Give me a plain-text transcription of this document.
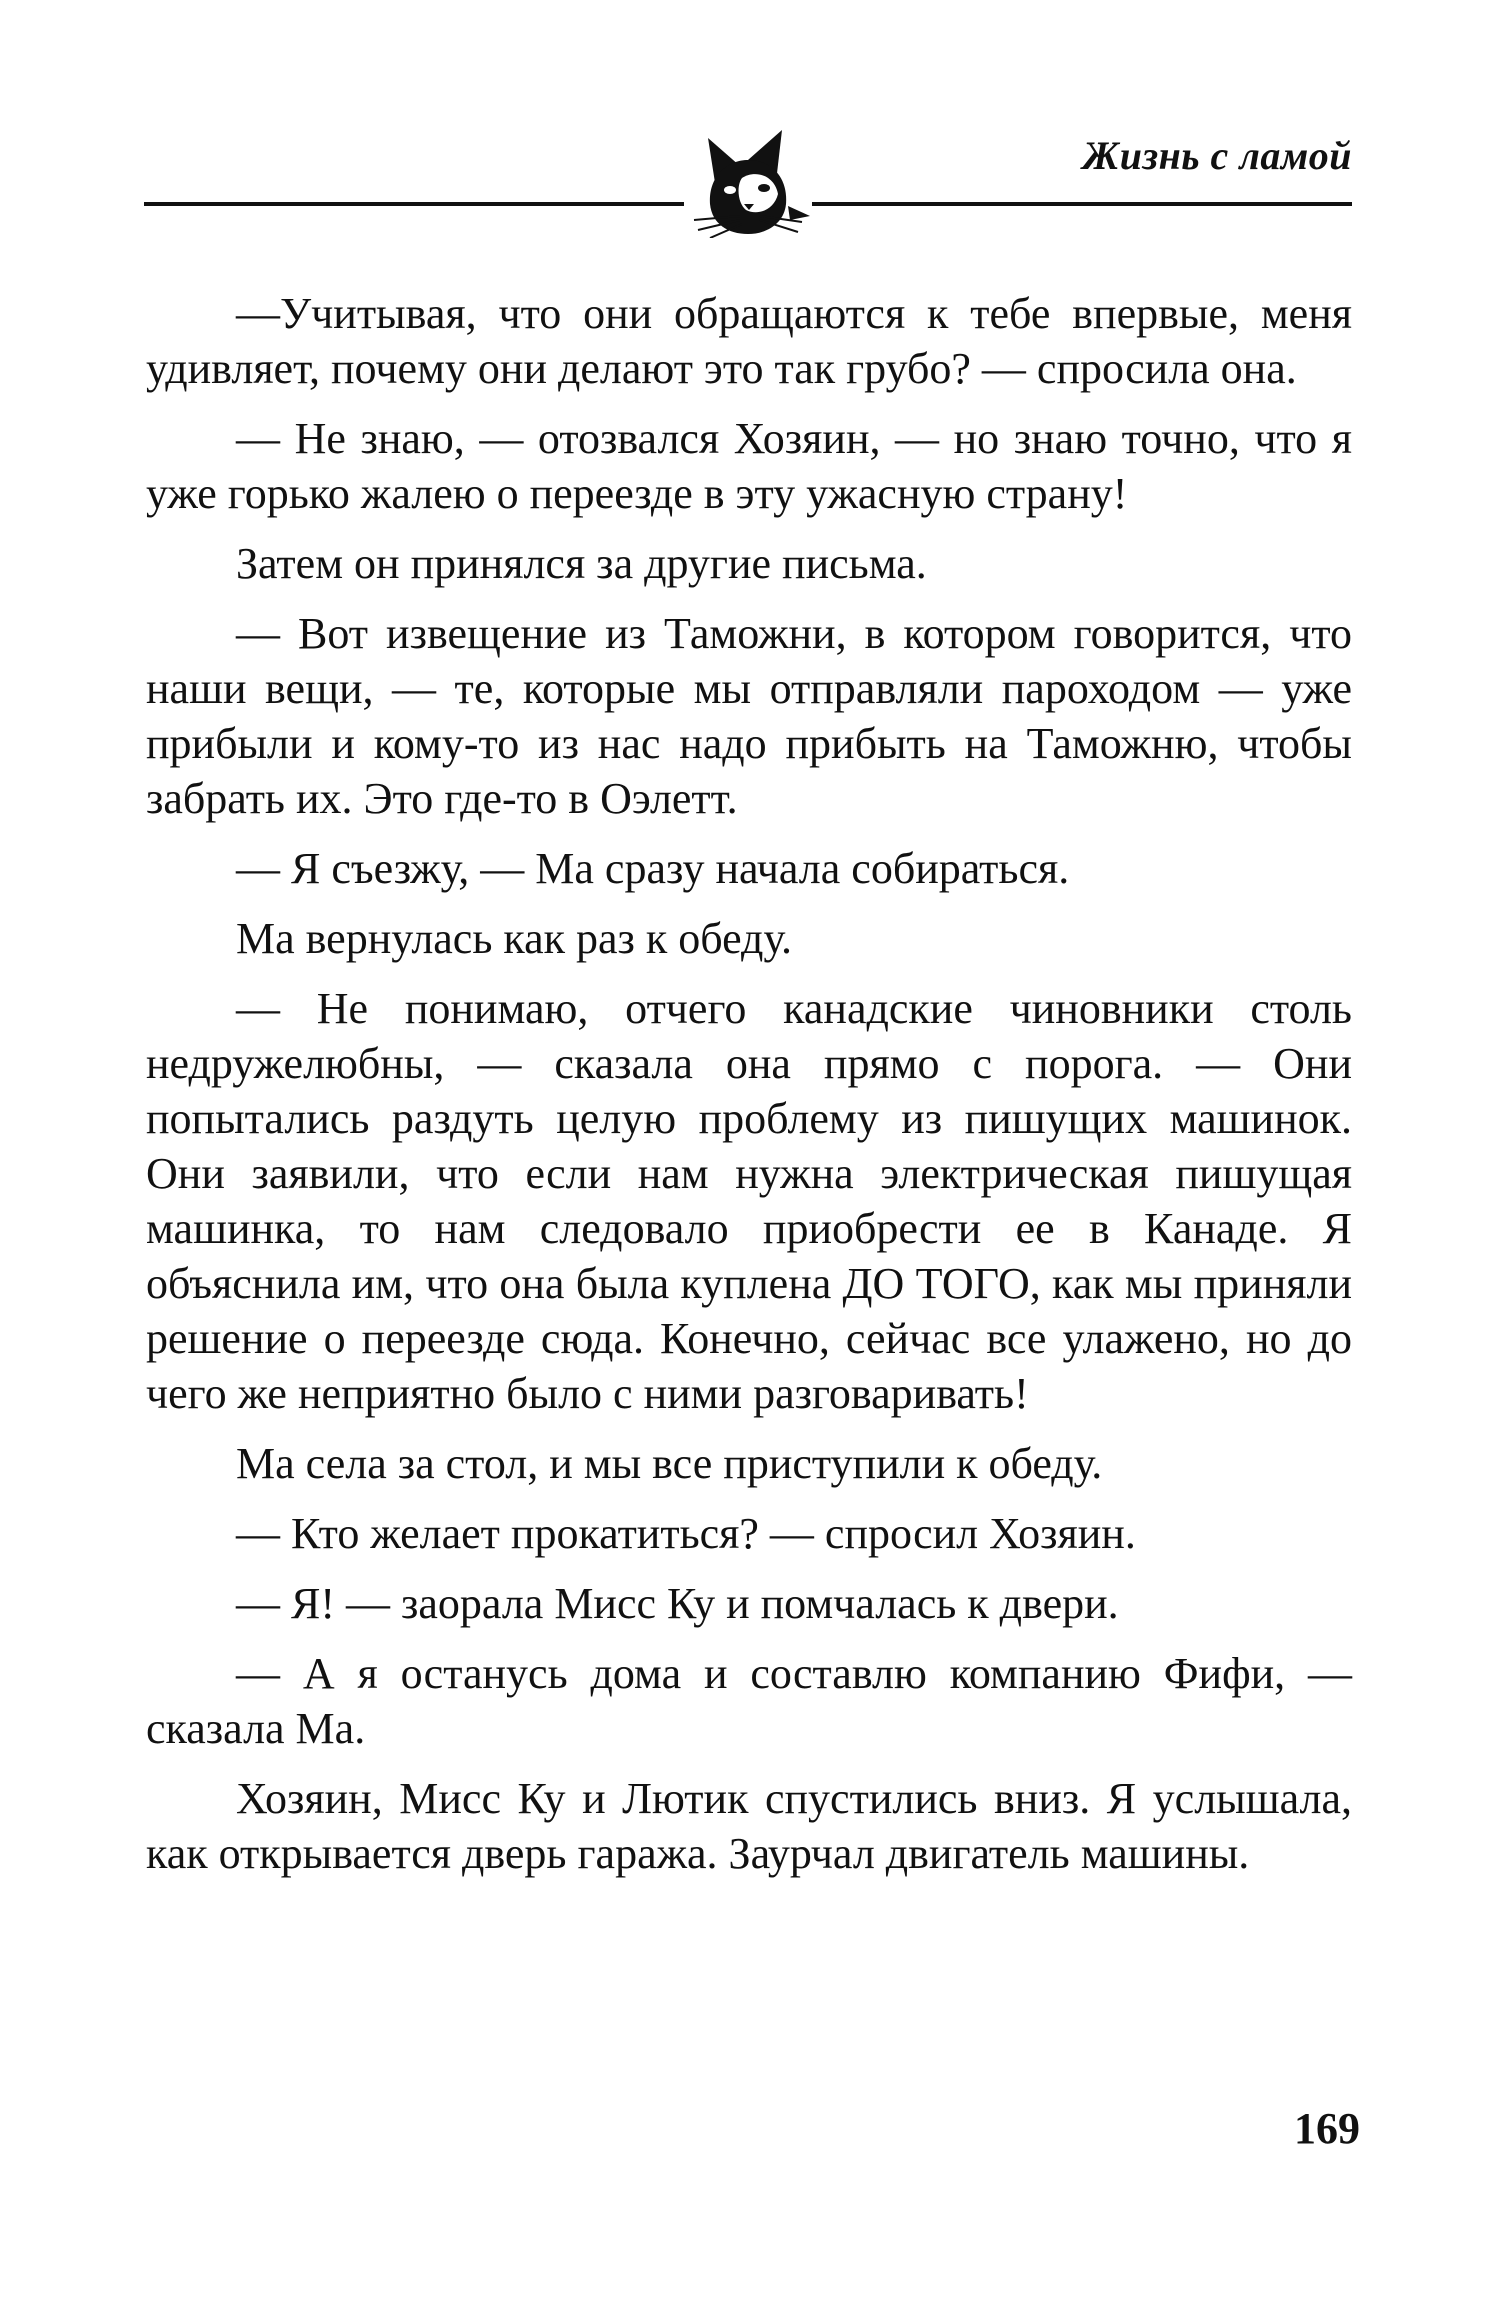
Жизнь с ламой

—Учитывая, что они обращаются к тебе впервые, меня удивляет, почему они делают это так грубо? — спросила она.

— Не знаю, — отозвался Хозяин, — но знаю точно, что я уже горько жалею о переезде в эту ужасную страну!

Затем он принялся за другие письма.

— Вот извещение из Таможни, в котором говорится, что наши вещи, — те, которые мы отправляли пароходом — уже прибыли и кому-то из нас надо прибыть на Таможню, чтобы забрать их. Это где-то в Оэлетт.

— Я съезжу, — Ма сразу начала собираться.

Ма вернулась как раз к обеду.

— Не понимаю, отчего канадские чиновники столь недружелюбны, — сказала она прямо с порога. — Они попытались раздуть целую проблему из пишущих машинок. Они заявили, что если нам нужна электрическая пишущая машинка, то нам следовало приобрести ее в Канаде. Я объяснила им, что она была куплена ДО ТОГО, как мы приняли решение о переезде сюда. Конечно, сейчас все улажено, но до чего же неприятно было с ними разговаривать!

Ма села за стол, и мы все приступили к обеду.

— Кто желает прокатиться? — спросил Хозяин.

— Я! — заорала Мисс Ку и помчалась к двери.

— А я останусь дома и составлю компанию Фифи, — сказала Ма.

Хозяин, Мисс Ку и Лютик спустились вниз. Я услышала, как открывается дверь гаража. Заурчал двигатель машины.

169
